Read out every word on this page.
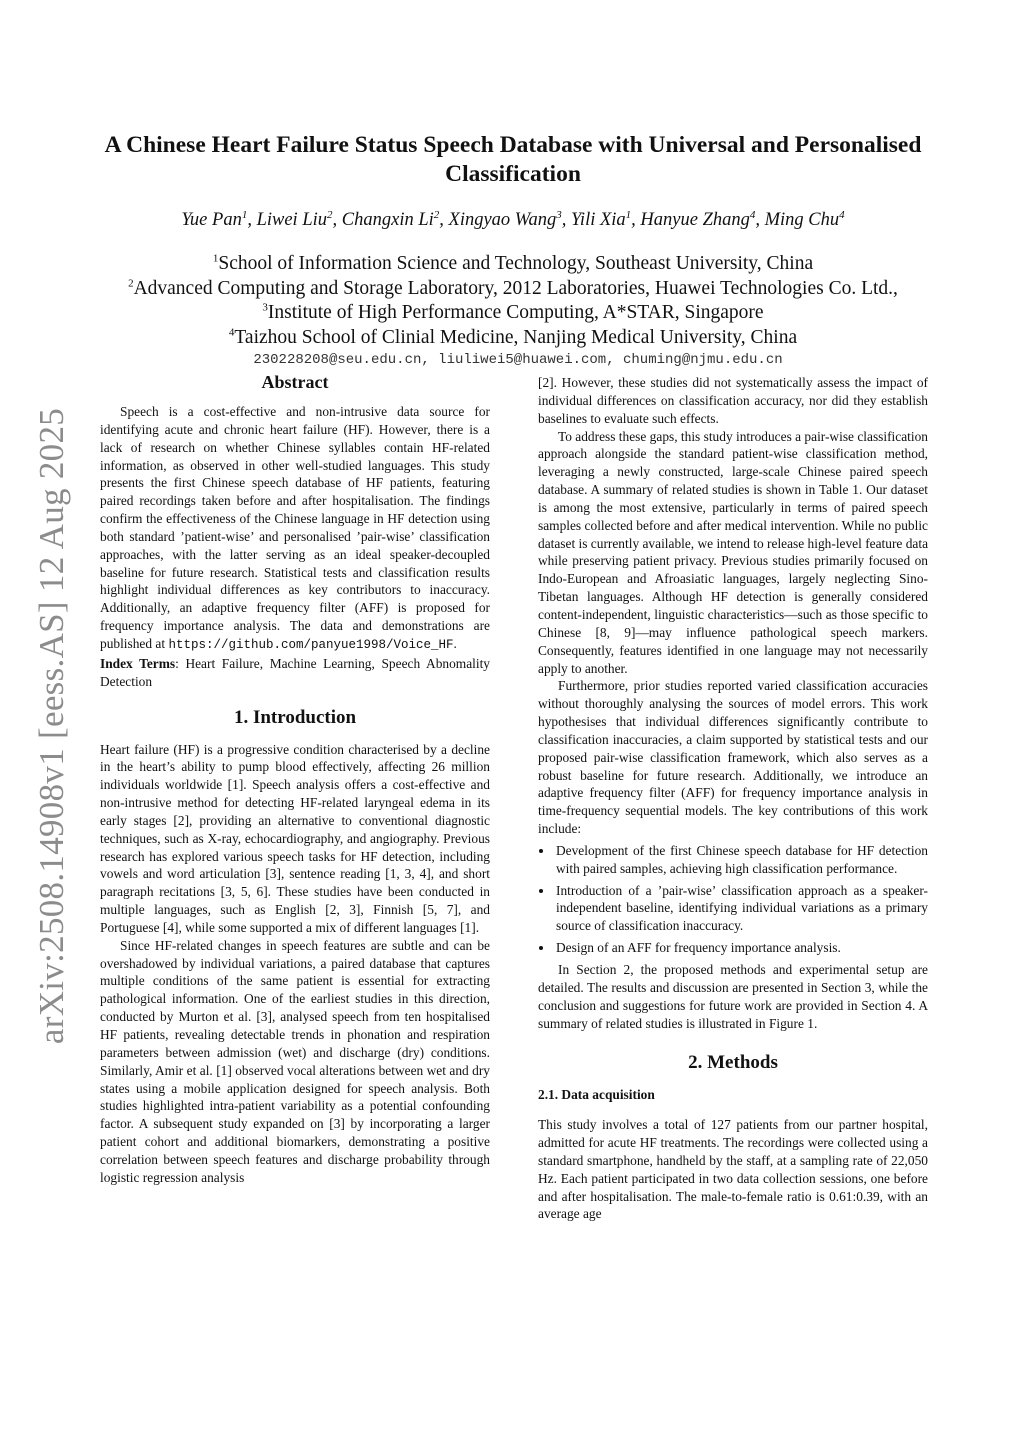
arXiv:2508.14908v1 [eess.AS] 12 Aug 2025
A Chinese Heart Failure Status Speech Database with Universal and Personalised Classification
Yue Pan$^1$, Liwei Liu$^2$, Changxin Li$^2$, Xingyao Wang$^3$, Yili Xia$^1$, Hanyue Zhang$^4$, Ming Chu$^4$
$^1$School of Information Science and Technology, Southeast University, China
$^2$Advanced Computing and Storage Laboratory, 2012 Laboratories, Huawei Technologies Co. Ltd.,
$^3$Institute of High Performance Computing, A*STAR, Singapore
$^4$Taizhou School of Clinial Medicine, Nanjing Medical University, China
230228208@seu.edu.cn, liuliwei5@huawei.com, chuming@njmu.edu.cn
Abstract

Speech is a cost-effective and non-intrusive data source for identifying acute and chronic heart failure (HF). However, there is a lack of research on whether Chinese syllables contain HF-related information, as observed in other well-studied languages. This study presents the first Chinese speech database of HF patients, featuring paired recordings taken before and after hospitalisation. The findings confirm the effectiveness of the Chinese language in HF detection using both standard ’patient-wise’ and personalised ’pair-wise’ classification approaches, with the latter serving as an ideal speaker-decoupled baseline for future research. Statistical tests and classification results highlight individual differences as key contributors to inaccuracy. Additionally, an adaptive frequency filter (AFF) is proposed for frequency importance analysis. The data and demonstrations are published at https://github.com/panyue1998/Voice_HF.

Index Terms: Heart Failure, Machine Learning, Speech Abnomality Detection

1. Introduction

Heart failure (HF) is a progressive condition characterised by a decline in the heart’s ability to pump blood effectively, affecting 26 million individuals worldwide [1]. Speech analysis offers a cost-effective and non-intrusive method for detecting HF-related laryngeal edema in its early stages [2], providing an alternative to conventional diagnostic techniques, such as X-ray, echocardiography, and angiography. Previous research has explored various speech tasks for HF detection, including vowels and word articulation [3], sentence reading [1, 3, 4], and short paragraph recitations [3, 5, 6]. These studies have been conducted in multiple languages, such as English [2, 3], Finnish [5, 7], and Portuguese [4], while some supported a mix of different languages [1].

Since HF-related changes in speech features are subtle and can be overshadowed by individual variations, a paired database that captures multiple conditions of the same patient is essential for extracting pathological information. One of the earliest studies in this direction, conducted by Murton et al. [3], analysed speech from ten hospitalised HF patients, revealing detectable trends in phonation and respiration parameters between admission (wet) and discharge (dry) conditions. Similarly, Amir et al. [1] observed vocal alterations between wet and dry states using a mobile application designed for speech analysis. Both studies highlighted intra-patient variability as a potential confounding factor. A subsequent study expanded on [3] by incorporating a larger patient cohort and additional biomarkers, demonstrating a positive correlation between speech features and discharge probability through logistic regression analysis

[2]. However, these studies did not systematically assess the impact of individual differences on classification accuracy, nor did they establish baselines to evaluate such effects.

To address these gaps, this study introduces a pair-wise classification approach alongside the standard patient-wise classification method, leveraging a newly constructed, large-scale Chinese paired speech database. A summary of related studies is shown in Table 1. Our dataset is among the most extensive, particularly in terms of paired speech samples collected before and after medical intervention. While no public dataset is currently available, we intend to release high-level feature data while preserving patient privacy. Previous studies primarily focused on Indo-European and Afroasiatic languages, largely neglecting Sino-Tibetan languages. Although HF detection is generally considered content-independent, linguistic characteristics—such as those specific to Chinese [8, 9]—may influence pathological speech markers. Consequently, features identified in one language may not necessarily apply to another.

Furthermore, prior studies reported varied classification accuracies without thoroughly analysing the sources of model errors. This work hypothesises that individual differences significantly contribute to classification inaccuracies, a claim supported by statistical tests and our proposed pair-wise classification framework, which also serves as a robust baseline for future research. Additionally, we introduce an adaptive frequency filter (AFF) for frequency importance analysis in time-frequency sequential models. The key contributions of this work include:

• Development of the first Chinese speech database for HF detection with paired samples, achieving high classification performance.
• Introduction of a ’pair-wise’ classification approach as a speaker-independent baseline, identifying individual variations as a primary source of classification inaccuracy.
• Design of an AFF for frequency importance analysis.

In Section 2, the proposed methods and experimental setup are detailed. The results and discussion are presented in Section 3, while the conclusion and suggestions for future work are provided in Section 4. A summary of related studies is illustrated in Figure 1.

2. Methods
2.1. Data acquisition

This study involves a total of 127 patients from our partner hospital, admitted for acute HF treatments. The recordings were collected using a standard smartphone, handheld by the staff, at a sampling rate of 22,050 Hz. Each patient participated in two data collection sessions, one before and after hospitalisation. The male-to-female ratio is 0.61:0.39, with an average age
